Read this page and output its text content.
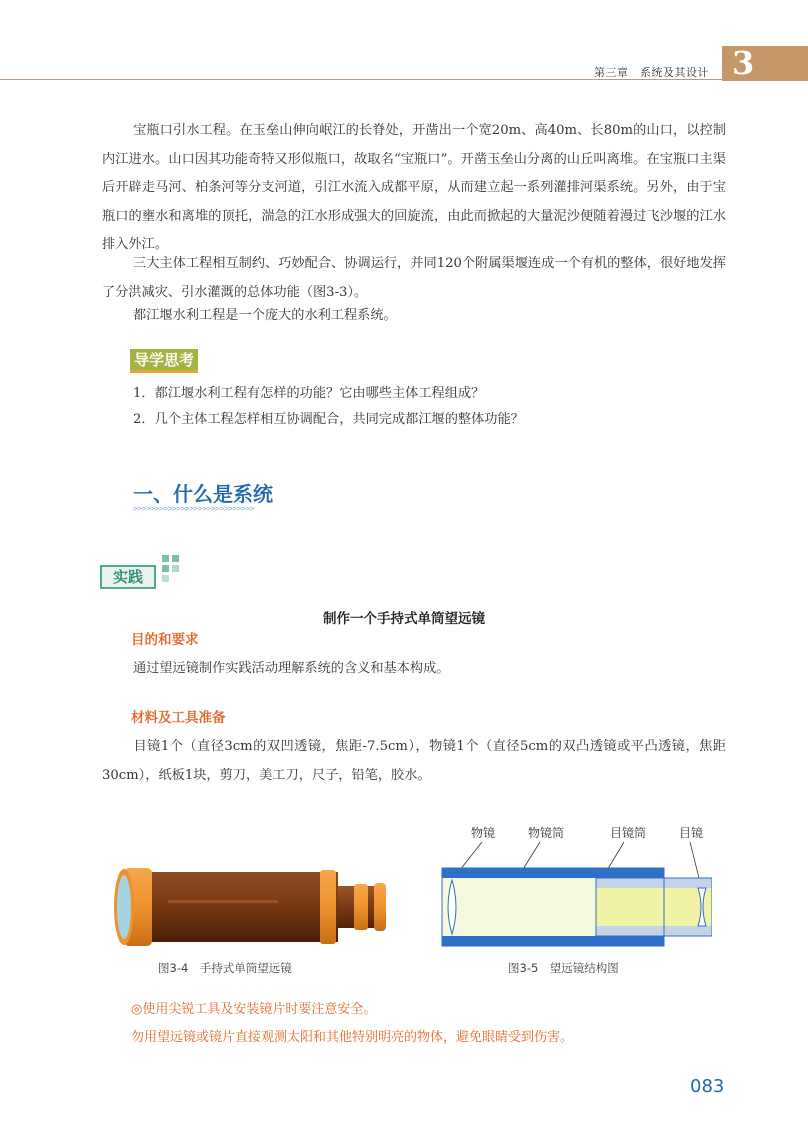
第三章　系统及其设计 3
宝瓶口引水工程。在玉垒山伸向岷江的长脊处，开凿出一个宽20m、高40m、长80m的山口，以控制内江进水。山口因其功能奇特又形似瓶口，故取名“宝瓶口”。开凿玉垒山分离的山丘叫离堆。在宝瓶口主渠后开辟走马河、柏条河等分支河道，引江水流入成都平原，从而建立起一系列灌排河渠系统。另外，由于宝瓶口的壅水和离堆的顶托，湍急的江水形成强大的回旋流，由此而掀起的大量泥沙便随着漫过飞沙堰的江水排入外江。
三大主体工程相互制约、巧妙配合、协调运行，并同120个附属渠堰连成一个有机的整体，很好地发挥了分洪减灾、引水灌溉的总体功能（图3-3）。
都江堰水利工程是一个庞大的水利工程系统。
导学思考
1．都江堰水利工程有怎样的功能？它由哪些主体工程组成？
2．几个主体工程怎样相互协调配合，共同完成都江堰的整体功能？
一、什么是系统
>>>>>>>>>>>>>>>>>>>>>>>>>>>>
实践
制作一个手持式单筒望远镜
目的和要求
通过望远镜制作实践活动理解系统的含义和基本构成。
材料及工具准备
目镜1个（直径3cm的双凹透镜，焦距-7.5cm），物镜1个（直径5cm的双凸透镜或平凸透镜，焦距30cm），纸板1块，剪刀，美工刀，尺子，铅笔，胶水。
图3-4　手持式单筒望远镜
物镜	物镜筒	目镜筒	目镜
图3-5　望远镜结构图
◎使用尖锐工具及安装镜片时要注意安全。
勿用望远镜或镜片直接观测太阳和其他特别明亮的物体，避免眼睛受到伤害。
083
